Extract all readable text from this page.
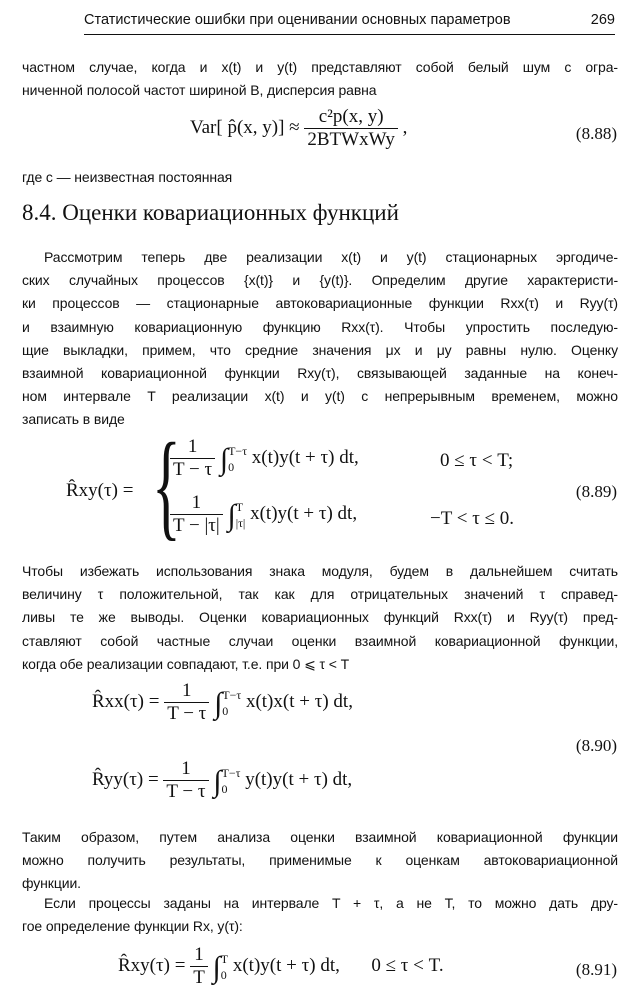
Статистические ошибки при оценивании основных параметров	269
частном случае, когда и x(t) и y(t) представляют собой белый шум с огра-
ниченной полосой частот шириной B, дисперсия равна
Var[ p̂(x, $y)] \approx \frac{\text{c²p(x, y)}}{\text{2BTWxWy}}$ ,	(8.88)
где c — неизвестная постоянная
8.4. Оценки ковариационных функций
Рассмотрим теперь две реализации x(t) и y(t) стационарных эргодиче-
ских случайных процессов {x(t)} и {y(t)}. Определим другие характеристи-
ки процессов — стационарные автоковариационные функции Rxx(τ) и Ryy(τ)
и взаимную ковариационную функцию Rxx(τ). Чтобы упростить последую-
щие выкладки, примем, что средние значения μx и μy равны нулю. Оценку
взаимной ковариационной функции Rxy(τ), связывающей заданные на конеч-
ном интервале T реализации x(t) и y(t) с непрерывным временем, можно
записать в виде
R̂xy(τ) = {
$\frac{1}{T - \tau}$ ∫ T−τ
0 x(t)y(t + τ) dt,	0 ≤ τ < T;
$\frac{1}{T - |\tau|}$ ∫ T
|τ| x(t)y(t + τ) dt,	−T < τ ≤ 0.
(8.89)
Чтобы избежать использования знака модуля, будем в дальнейшем считать
величину τ положительной, так как для отрицательных значений τ справед-
ливы те же выводы. Оценки ковариационных функций Rxx(τ) и Ryy(τ) пред-
ставляют собой частные случаи оценки взаимной ковариационной функции,
когда обе реализации совпадают, т.е. при 0 ⩽ τ < T
R̂xx(τ) = $\frac{1}{T - \tau}$ ∫ T−τ
0 x(t)x(t + τ) dt,
R̂yy(τ) = $\frac{1}{T - \tau}$ ∫ T−τ
0 y(t)y(t + τ) dt,
(8.90)
Таким образом, путем анализа оценки взаимной ковариационной функции
можно получить результаты, применимые к оценкам автоковариационной
функции.
Если процессы заданы на интервале T + τ, а не T, то можно дать дру-
гое определение функции Rx, y(τ):
R̂xy(τ) = $\frac{1}{T}$ ∫ T
0 x(t)y(t + τ) dt, 0 ≤ τ < T.	(8.91)
